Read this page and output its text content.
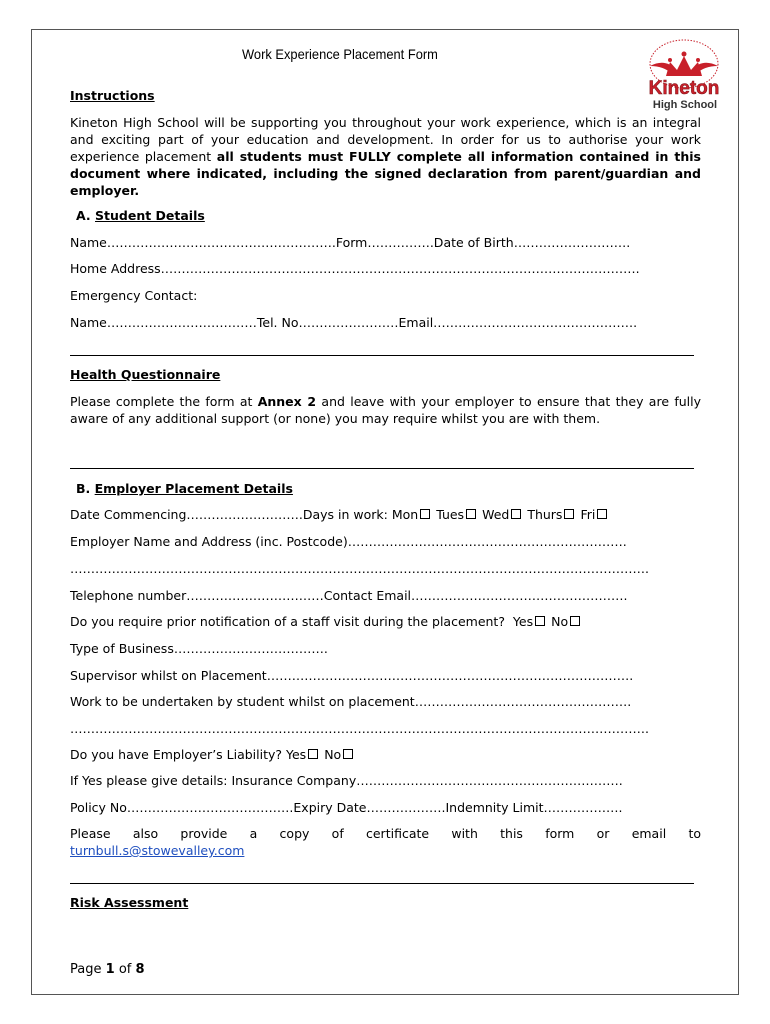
Work Experience Placement Form
Kineton
High School
Instructions
Kineton High School will be supporting you throughout your work experience, which is an integral and exciting part of your education and development. In order for us to authorise your work experience placement all students must FULLY complete all information contained in this document where indicated, including the signed declaration from parent/guardian and employer.
A. Student Details
Name……………………………………………….Form…………….Date of Birth……………………….
Home Address…………………………………………………………………………………………………….
Emergency Contact:
Name………………………………Tel. No……………………Email………………………………………….
Health Questionnaire
Please complete the form at Annex 2 and leave with your employer to ensure that they are fully aware of any additional support (or none) you may require whilst you are with them.
B. Employer Placement Details
Date Commencing……………………….Days in work: Mon Tues Wed Thurs Fri
Employer Name and Address (inc. Postcode)………………………………………………………….
………………………………………………………………………………………………………………………….
Telephone number……………………………Contact Email…………………………………………….
Do you require prior notification of a staff visit during the placement? Yes No
Type of Business……………………………….
Supervisor whilst on Placement…………………………………………………………………………….
Work to be undertaken by student whilst on placement…………………………………………….
………………………………………………………………………………………………………………………….
Do you have Employer’s Liability? Yes No
If Yes please give details: Insurance Company……………………………………………………….
Policy No………………………………….Expiry Date……………….Indemnity Limit……………….
Please also provide a copy of certificate with this form or email to
turnbull.s@stowevalley.com
Risk Assessment
Page 1 of 8
